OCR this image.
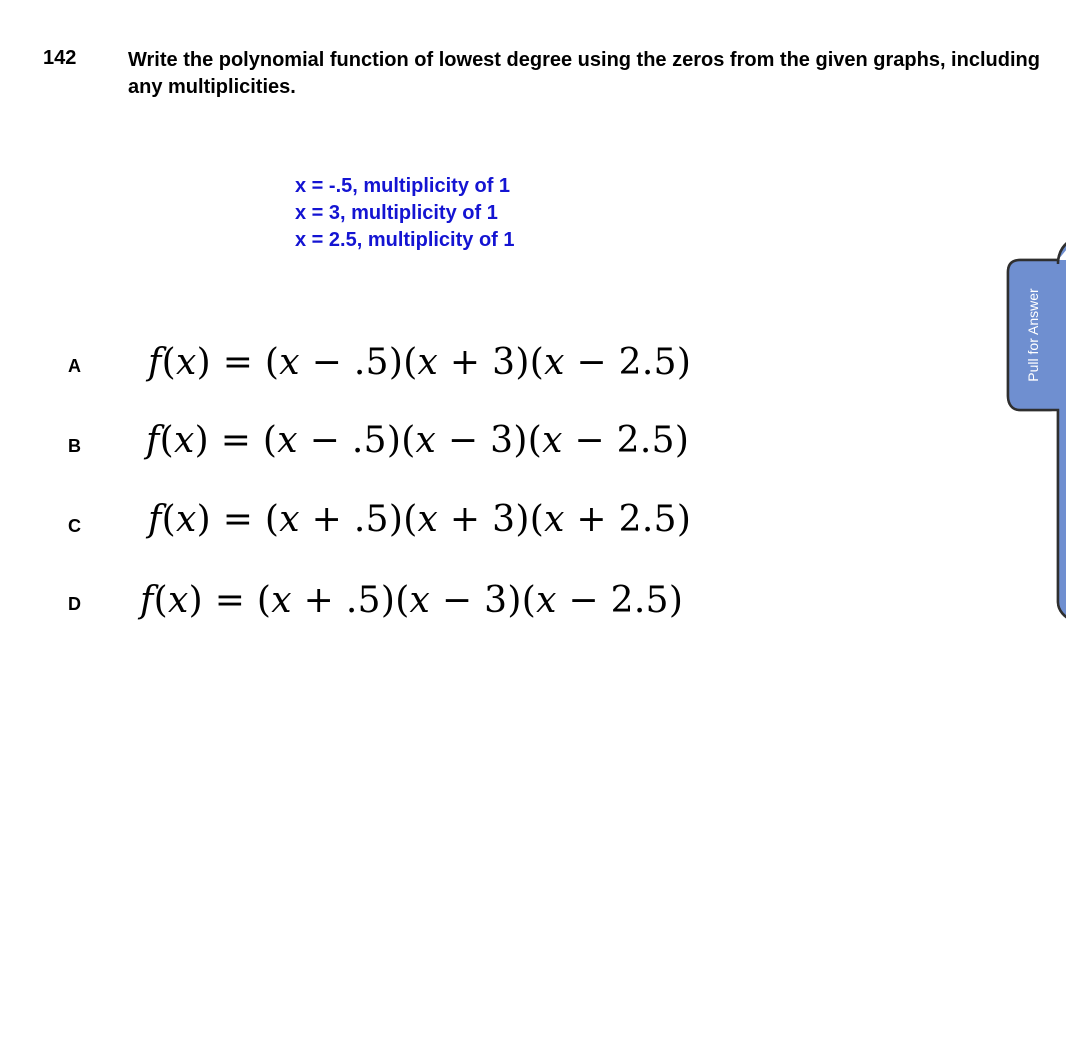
142	Write the polynomial function of lowest degree using the zeros from the given graphs, including any multiplicities.
x = -.5, multiplicity of 1
x = 3, multiplicity of 1
x = 2.5, multiplicity of 1
A f(x) = (x − .5)(x + 3)(x − 2.5)
B f(x) = (x − .5)(x − 3)(x − 2.5)
C f(x) = (x + .5)(x + 3)(x + 2.5)
D f(x) = (x + .5)(x − 3)(x − 2.5)
Pull for Answer
